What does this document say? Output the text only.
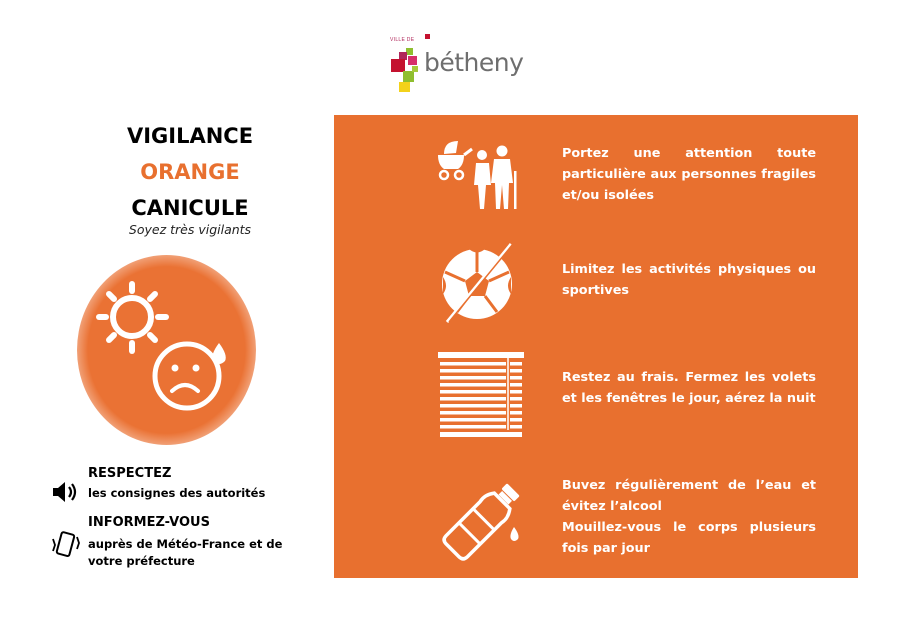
VILLE DE
bétheny
VIGILANCE
ORANGE
CANICULE
Soyez très vigilants
RESPECTEZ
les consignes des autorités
INFORMEZ-VOUS
auprès de Météo-France et de
votre préfecture
Portez une attention toute particulière aux personnes fragiles et/ou isolées
Limitez les activités physiques ou sportives
Restez au frais. Fermez les volets et les fenêtres le jour, aérez la nuit
Buvez régulièrement de l’eau et évitez l’alcool
Mouillez-vous le corps plusieurs fois par jour
